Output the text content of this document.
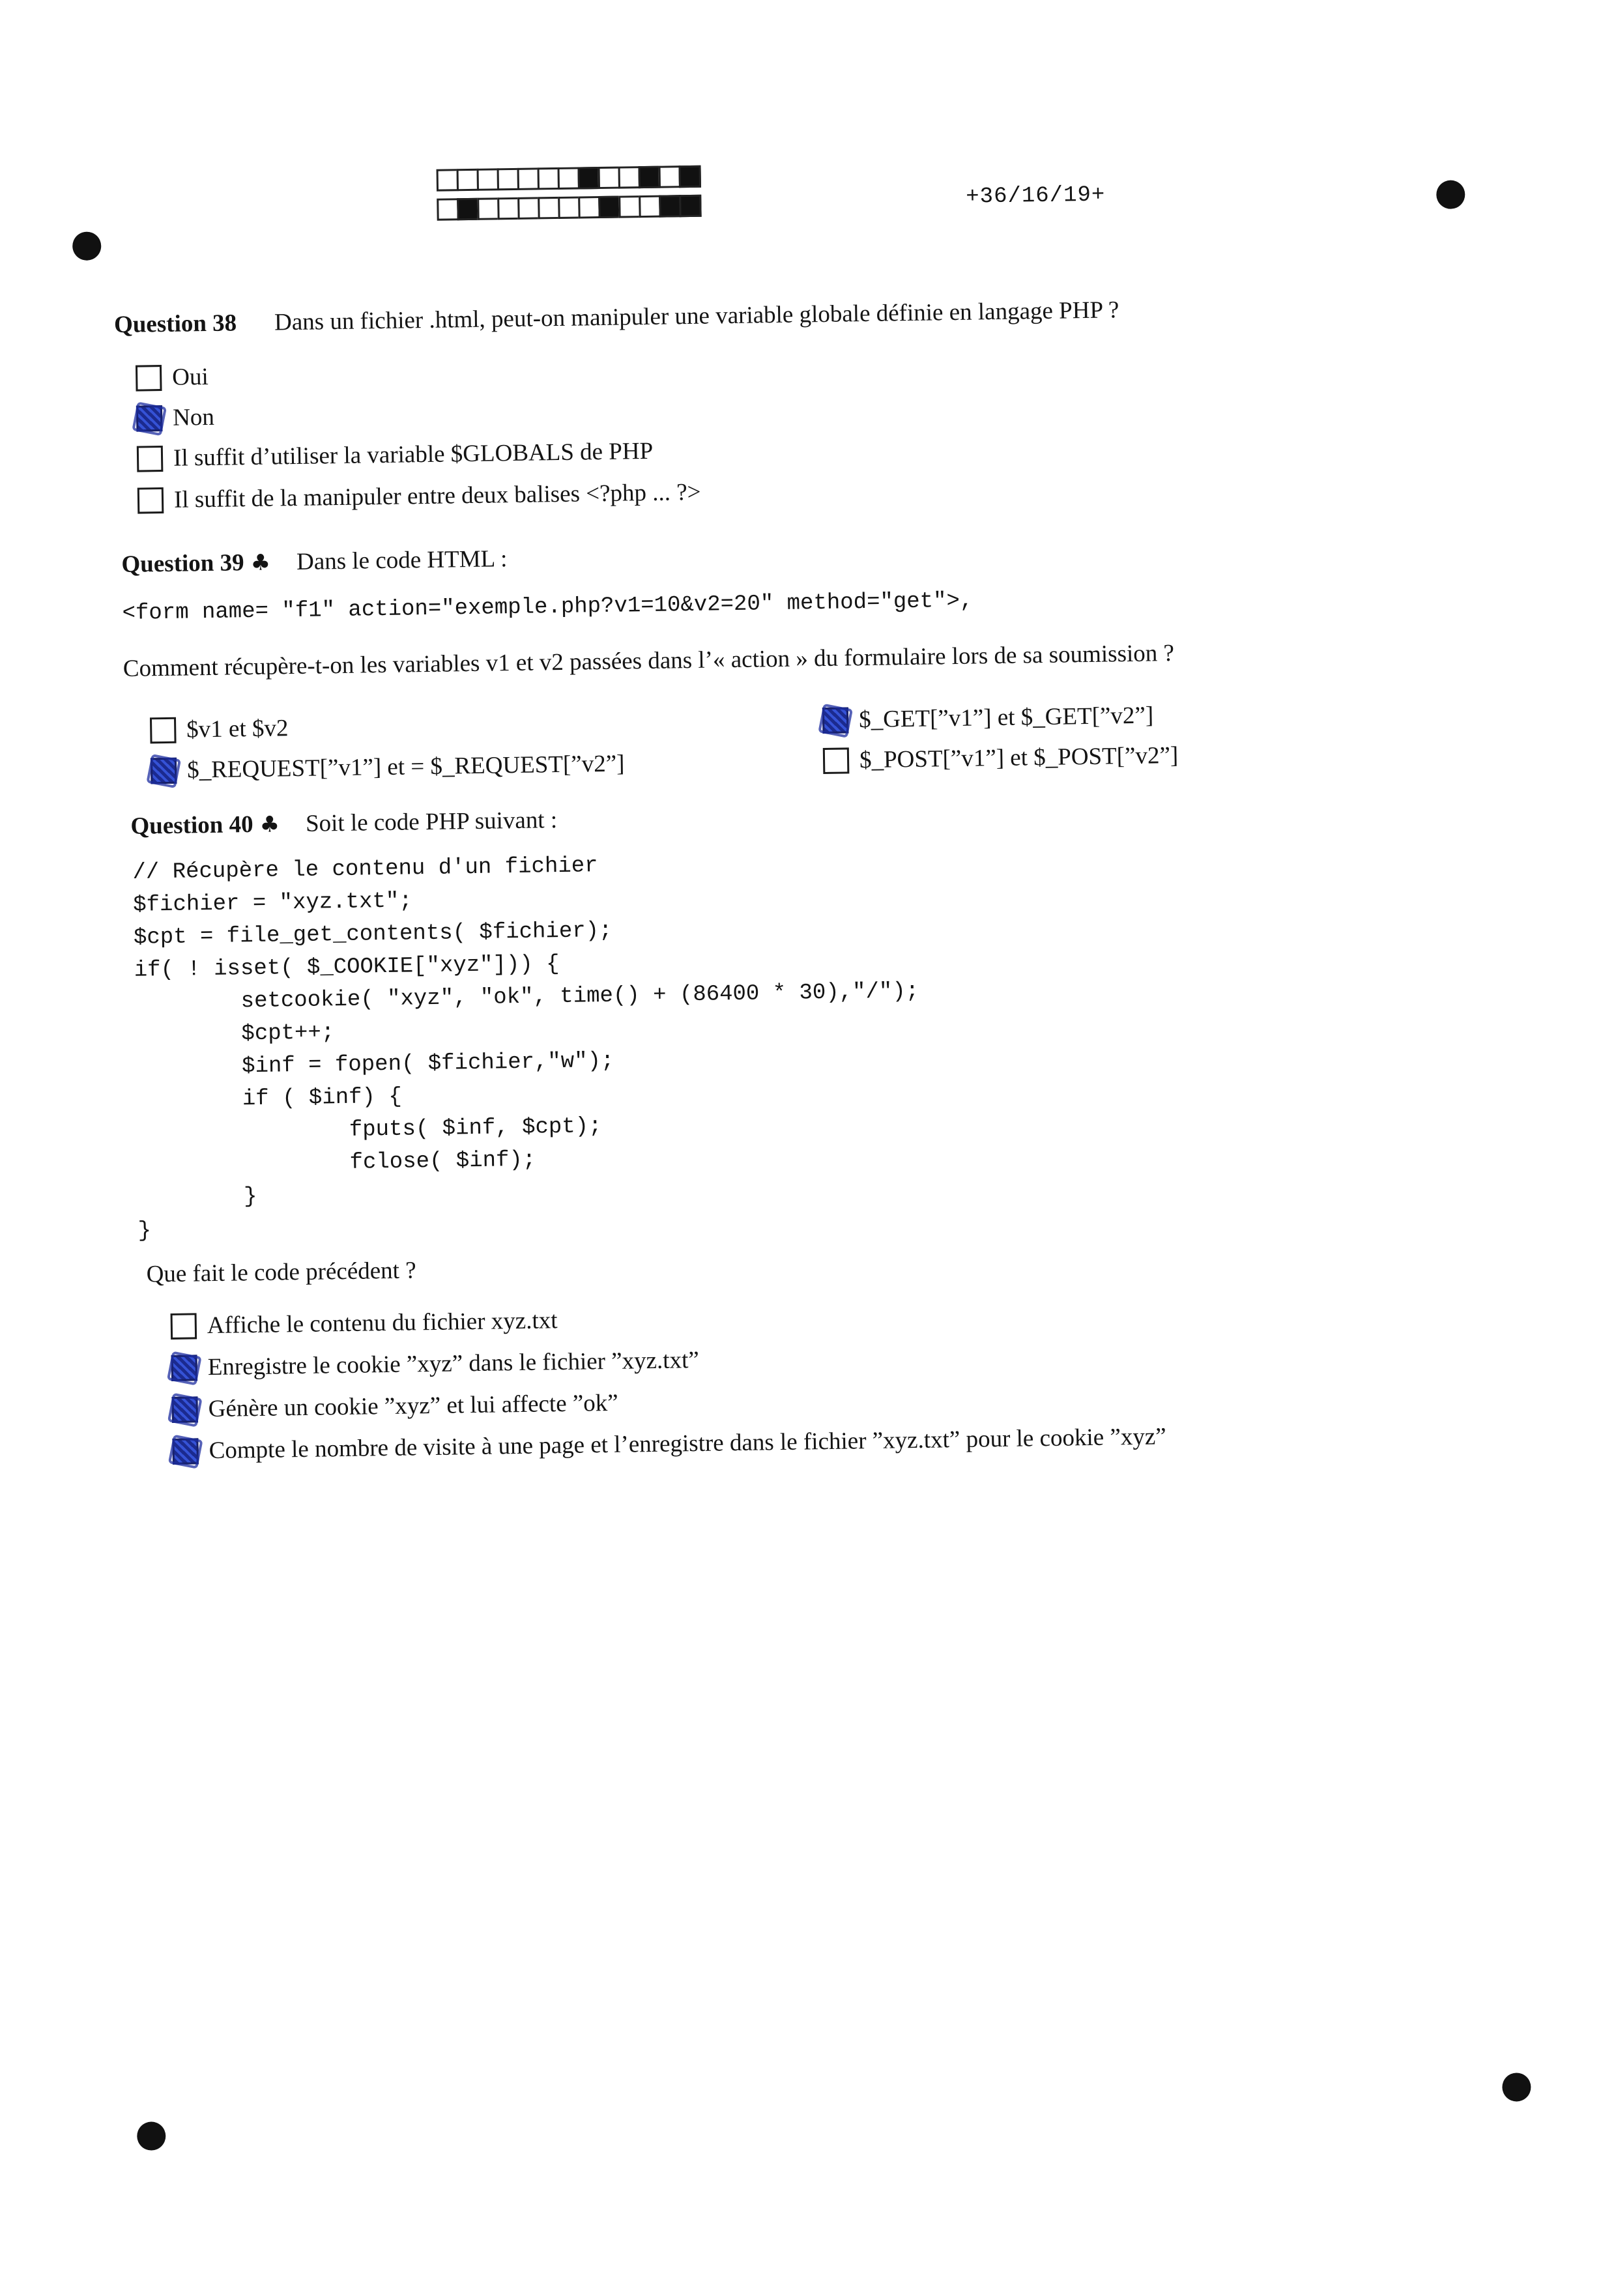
+36/16/19+
Question 38 Dans un fichier .html, peut-on manipuler une variable globale définie en langage PHP ?
Oui
Non
Il suffit d’utiliser la variable $GLOBALS de PHP
Il suffit de la manipuler entre deux balises <?php ... ?>
Question 39 ♣ Dans le code HTML :
<form name= "f1" action="exemple.php?v1=10&v2=20" method="get">,
Comment récupère-t-on les variables v1 et v2 passées dans l’« action » du formulaire lors de sa soumission ?
$v1 et $v2
$_REQUEST[”v1”] et = $_REQUEST[”v2”]
$_GET[”v1”] et $_GET[”v2”]
$_POST[”v1”] et $_POST[”v2”]
Question 40 ♣ Soit le code PHP suivant :
// Récupère le contenu d'un fichier
$fichier = "xyz.txt";
$cpt = file_get_contents( $fichier);
if( ! isset( $_COOKIE["xyz"])) {
setcookie( "xyz", "ok", time() + (86400 * 30),"/");
$cpt++;
$inf = fopen( $fichier,"w");
if ( $inf) {
fputs( $inf, $cpt);
fclose( $inf);
}
}
Que fait le code précédent ?
Affiche le contenu du fichier xyz.txt
Enregistre le cookie ”xyz” dans le fichier ”xyz.txt”
Génère un cookie ”xyz” et lui affecte ”ok”
Compte le nombre de visite à une page et l’enregistre dans le fichier ”xyz.txt” pour le cookie ”xyz”
